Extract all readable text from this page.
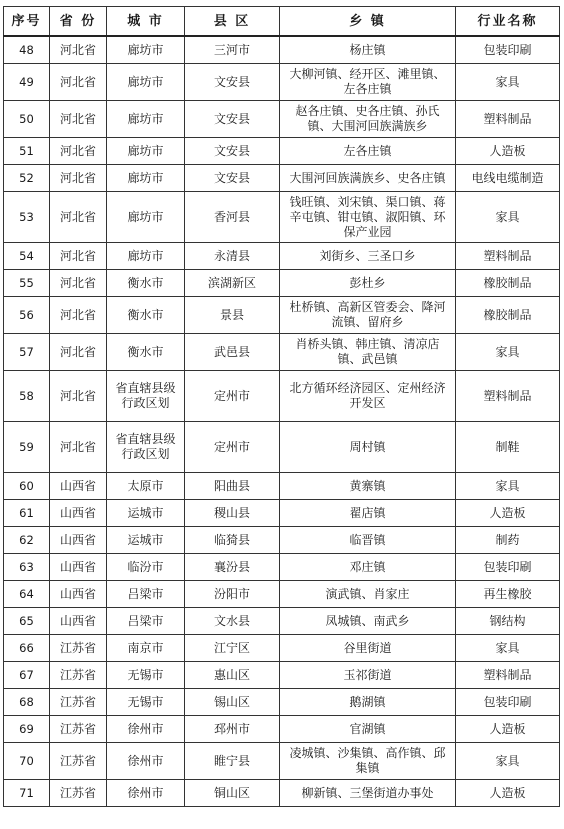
序号	省 份	城 市	县 区	乡 镇	行业名称
48	河北省	廊坊市	三河市	杨庄镇	包装印刷
49	河北省	廊坊市	文安县	大柳河镇、经开区、滩里镇、左各庄镇	家具
50	河北省	廊坊市	文安县	赵各庄镇、史各庄镇、孙氏镇、大围河回族满族乡	塑料制品
51	河北省	廊坊市	文安县	左各庄镇	人造板
52	河北省	廊坊市	文安县	大围河回族满族乡、史各庄镇	电线电缆制造
53	河北省	廊坊市	香河县	钱旺镇、刘宋镇、渠口镇、蒋辛屯镇、钳屯镇、淑阳镇、环保产业园	家具
54	河北省	廊坊市	永清县	刘街乡、三圣口乡	塑料制品
55	河北省	衡水市	滨湖新区	彭杜乡	橡胶制品
56	河北省	衡水市	景县	杜桥镇、高新区管委会、降河流镇、留府乡	橡胶制品
57	河北省	衡水市	武邑县	肖桥头镇、韩庄镇、清凉店镇、武邑镇	家具
58	河北省	省直辖县级行政区划	定州市	北方循环经济园区、定州经济开发区	塑料制品
59	河北省	省直辖县级行政区划	定州市	周村镇	制鞋
60	山西省	太原市	阳曲县	黄寨镇	家具
61	山西省	运城市	稷山县	翟店镇	人造板
62	山西省	运城市	临猗县	临晋镇	制药
63	山西省	临汾市	襄汾县	邓庄镇	包装印刷
64	山西省	吕梁市	汾阳市	演武镇、肖家庄	再生橡胶
65	山西省	吕梁市	文水县	凤城镇、南武乡	钢结构
66	江苏省	南京市	江宁区	谷里街道	家具
67	江苏省	无锡市	惠山区	玉祁街道	塑料制品
68	江苏省	无锡市	锡山区	鹅湖镇	包装印刷
69	江苏省	徐州市	邳州市	官湖镇	人造板
70	江苏省	徐州市	睢宁县	凌城镇、沙集镇、高作镇、邱集镇	家具
71	江苏省	徐州市	铜山区	柳新镇、三堡街道办事处	人造板
